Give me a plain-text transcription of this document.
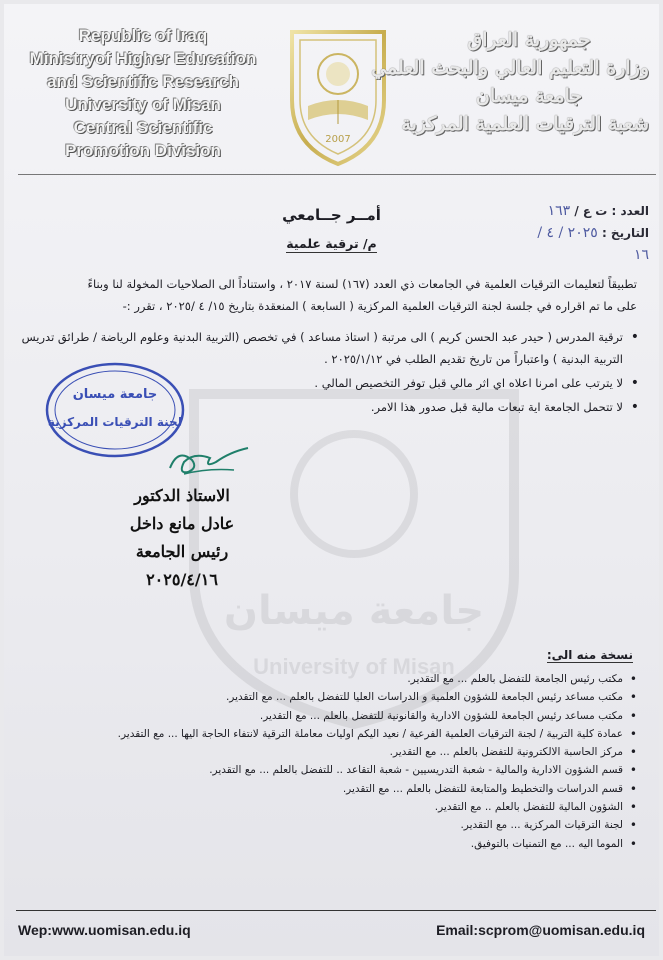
Republic of Iraq
Ministryof Higher Education
and Scientific Research
University of Misan
Central Scientific
Promotion Division
2007
جمهورية العراق
وزارة التعليم العالي والبحث العلمي
جامعة ميسان
شعبة الترقيات العلمية المركزية
العدد : ت ع / ١٦٣
التاريخ : ٢٠٢٥ / ٤ / ١٦
أمــر جــامعي
م/ ترقية علمية

تطبيقاً لتعليمات الترقيات العلمية في الجامعات ذي العدد (١٦٧) لسنة ٢٠١٧ ، واستناداً الى الصلاحيات المخولة لنا وبناءً

على ما تم اقراره في جلسة لجنة الترقيات العلمية المركزية ( السابعة ) المنعقدة بتاريخ ١٥/ ٤ /٢٠٢٥ ، تقرر :-

• ترقية المدرس ( حيدر عبد الحسن كريم ) الى مرتبة ( استاذ مساعد ) في تخصص (التربية البدنية وعلوم الرياضة / طرائق تدريس التربية البدنية ) واعتباراً من تاريخ تقديم الطلب في ٢٠٢٥/١/١٢ .
• لا يترتب على امرنا اعلاه اي اثر مالي قبل توفر التخصيص المالي .
• لا تتحمل الجامعة اية تبعات مالية قبل صدور هذا الامر.
جامعة ميسان
University of Misan
جامعة ميسان
لجنة الترقيات المركزية
الاستاذ الدكتور
عادل مانع داخل
رئيس الجامعة
٢٠٢٥/٤/١٦
نسخة منه الى:
• مكتب رئيس الجامعة للتفضل بالعلم ... مع التقدير.
• مكتب مساعد رئيس الجامعة للشؤون العلمية و الدراسات العليا للتفضل بالعلم ... مع التقدير.
• مكتب مساعد رئيس الجامعة للشؤون الادارية والقانونية للتفضل بالعلم ... مع التقدير.
• عمادة كلية التربية / لجنة الترقيات العلمية الفرعية / نعيد اليكم اوليات معاملة الترقية لانتفاء الحاجة اليها ... مع التقدير.
• مركز الحاسبة الالكترونية للتفضل بالعلم ... مع التقدير.
• قسم الشؤون الادارية والمالية - شعبة التدريسيين - شعبة التقاعد .. للتفضل بالعلم ... مع التقدير.
• قسم الدراسات والتخطيط والمتابعة للتفضل بالعلم ... مع التقدير.
• الشؤون المالية للتفضل بالعلم .. مع التقدير.
• لجنة الترقيات المركزية ... مع التقدير.
• الموما اليه ... مع التمنيات بالتوفيق.
Wep:www.uomisan.edu.iq	Email:scprom@uomisan.edu.iq
